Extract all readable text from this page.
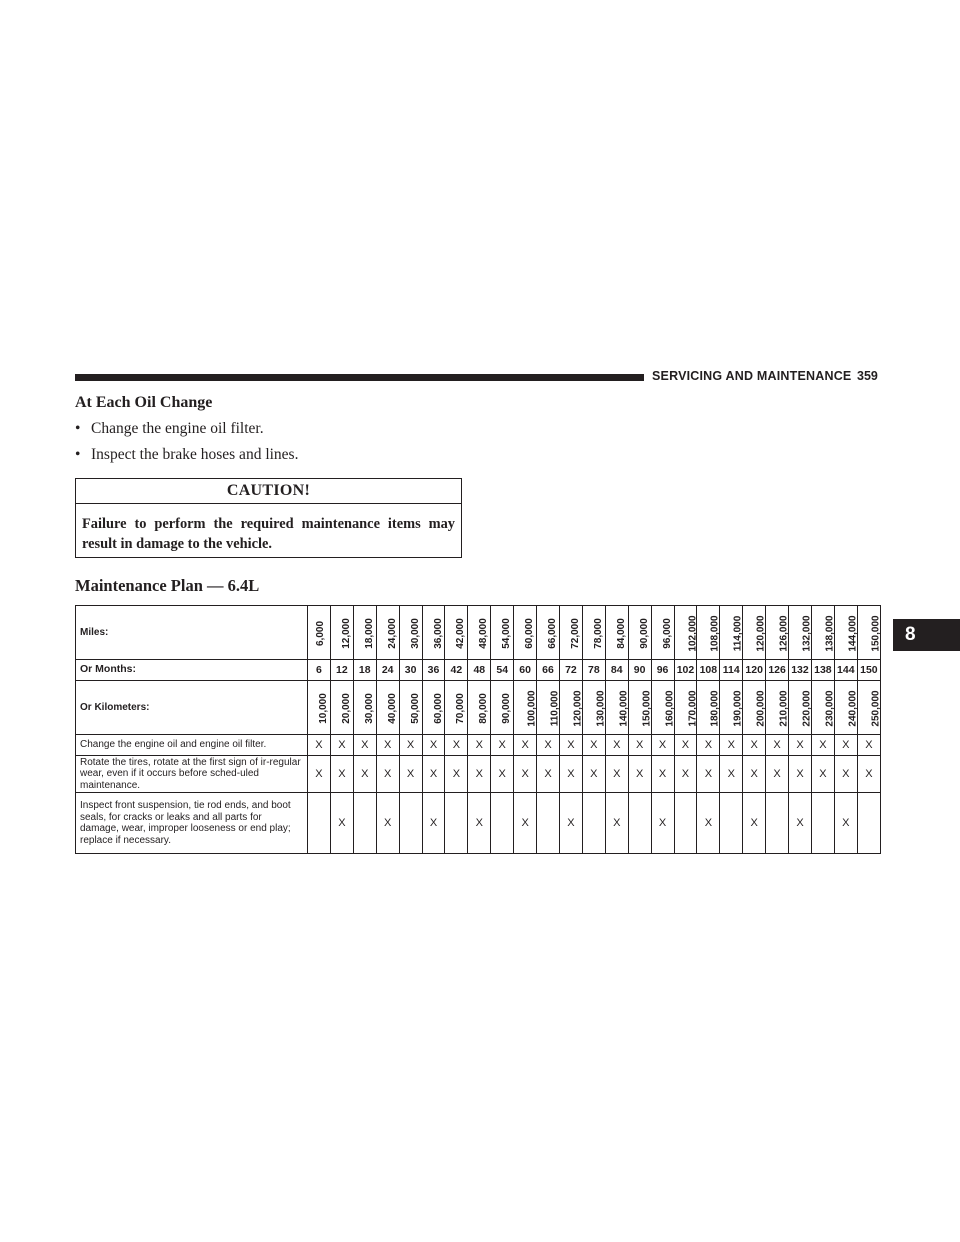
SERVICING AND MAINTENANCE 359
8
At Each Oil Change
• Change the engine oil filter.
• Inspect the brake hoses and lines.
CAUTION!
Failure to perform the required maintenance items may result in damage to the vehicle.
Maintenance Plan — 6.4L
Miles:	6,000	12,000	18,000	24,000	30,000	36,000	42,000	48,000	54,000	60,000	66,000	72,000	78,000	84,000	90,000	96,000	102,000	108,000	114,000	120,000	126,000	132,000	138,000	144,000	150,000
Or Months:	6	12	18	24	30	36	42	48	54	60	66	72	78	84	90	96	102	108	114	120	126	132	138	144	150
Or Kilometers:	10,000	20,000	30,000	40,000	50,000	60,000	70,000	80,000	90,000	100,000	110,000	120,000	130,000	140,000	150,000	160,000	170,000	180,000	190,000	200,000	210,000	220,000	230,000	240,000	250,000
Change the engine oil and engine oil filter.	X	X	X	X	X	X	X	X	X	X	X	X	X	X	X	X	X	X	X	X	X	X	X	X	X
Rotate the tires, rotate at the first sign of ir-regular wear, even if it occurs before sched-uled maintenance.	X	X	X	X	X	X	X	X	X	X	X	X	X	X	X	X	X	X	X	X	X	X	X	X	X
Inspect front suspension, tie rod ends, and boot seals, for cracks or leaks and all parts for damage, wear, improper looseness or end play; replace if necessary.		X		X		X		X		X		X		X		X		X		X		X		X	
